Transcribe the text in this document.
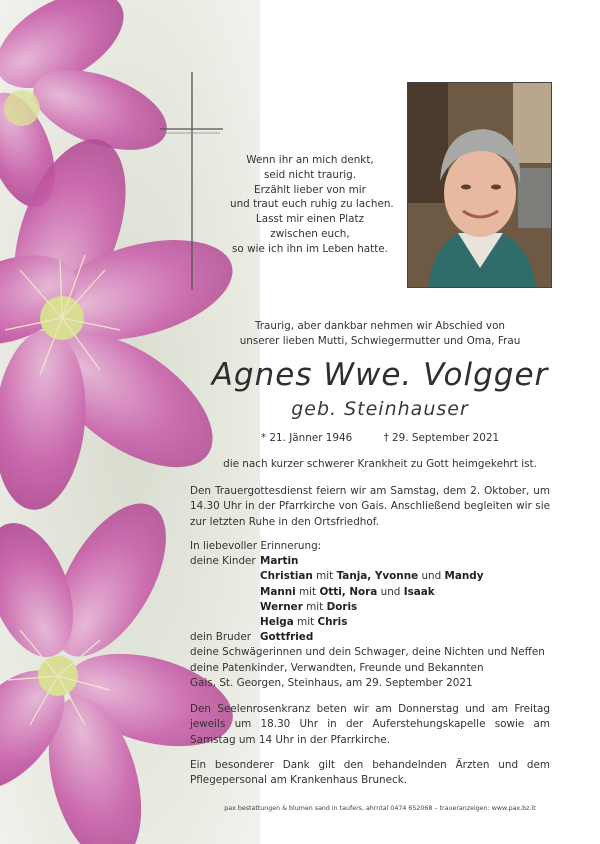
Wenn ihr an mich denkt,
seid nicht traurig.
Erzählt lieber von mir
und traut euch ruhig zu lachen.
Lasst mir einen Platz
zwischen euch,
so wie ich ihn im Leben hatte.
Traurig, aber dankbar nehmen wir Abschied von
unserer lieben Mutti, Schwiegermutter und Oma, Frau
Agnes Wwe. Volgger
geb. Steinhauser
* 21. Jänner 1946	† 29. September 2021
die nach kurzer schwerer Krankheit zu Gott heimgekehrt ist.
Den Trauergottesdienst feiern wir am Samstag, dem 2. Oktober, um 14.30 Uhr in der Pfarrkirche von Gais. Anschließend begleiten wir sie zur letzten Ruhe in den Ortsfriedhof.
In liebevoller Erinnerung:
deine Kinder Martin
Christian mit Tanja, Yvonne und Mandy
Manni mit Otti, Nora und Isaak
Werner mit Doris
Helga mit Chris
dein Bruder Gottfried
deine Schwägerinnen und dein Schwager, deine Nichten und Neffen
deine Patenkinder, Verwandten, Freunde und Bekannten
Gais, St. Georgen, Steinhaus, am 29. September 2021
Den Seelenrosenkranz beten wir am Donnerstag und am Freitag jeweils um 18.30 Uhr in der Auferstehungskapelle sowie am Samstag um 14 Uhr in der Pfarrkirche.
Ein besonderer Dank gilt den behandelnden Ärzten und dem Pflegepersonal am Krankenhaus Bruneck.
pax bestattungen & blumen sand in taufers, ahrntal 0474 652068 – traueranzeigen: www.pax.bz.it
